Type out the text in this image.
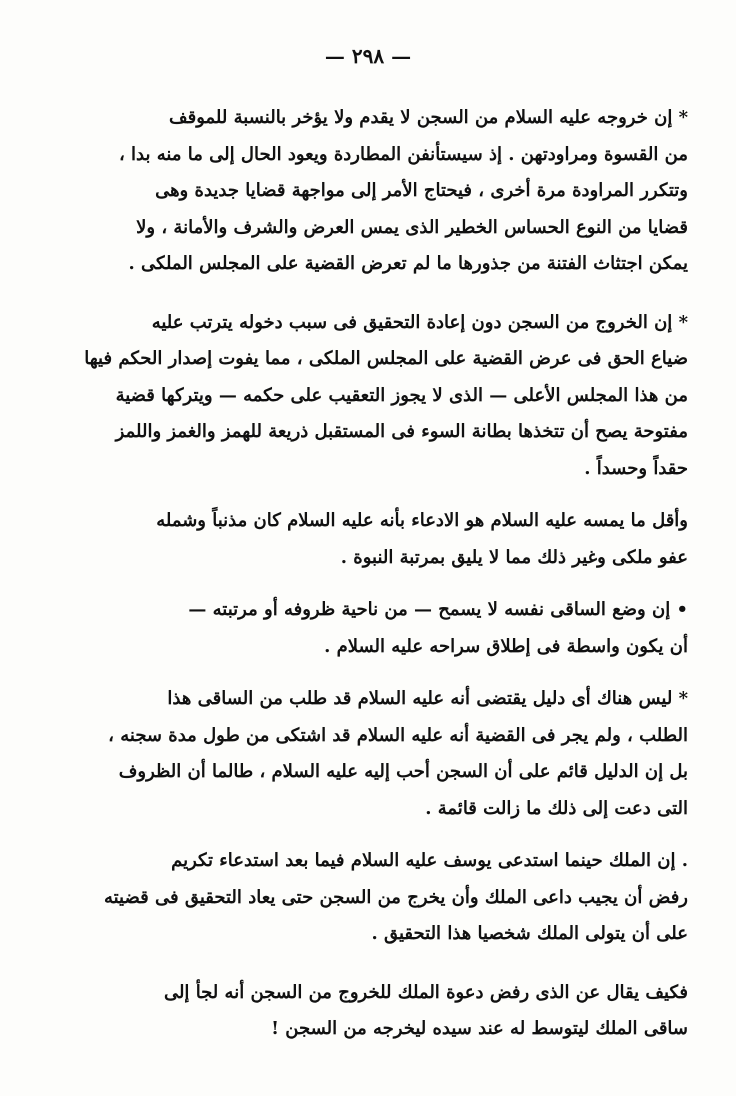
— ٢٩٨ —

* إن خروجه عليه السلام من السجن لا يقدم ولا يؤخر بالنسبة للموقف
من القسوة ومراودتهن . إذ سيستأنفن المطاردة ويعود الحال إلى ما منه بدا ،
وتتكرر المراودة مرة أخرى ، فيحتاج الأمر إلى مواجهة قضايا جديدة وهى
قضايا من النوع الحساس الخطير الذى يمس العرض والشرف والأمانة ، ولا
يمكن اجتثاث الفتنة من جذورها ما لم تعرض القضية على المجلس الملكى .

* إن الخروج من السجن دون إعادة التحقيق فى سبب دخوله يترتب عليه
ضياع الحق فى عرض القضية على المجلس الملكى ، مما يفوت إصدار الحكم فيها
من هذا المجلس الأعلى — الذى لا يجوز التعقيب على حكمه — ويتركها قضية
مفتوحة يصح أن تتخذها بطانة السوء فى المستقبل ذريعة للهمز والغمز واللمز
حقداً وحسداً .

وأقل ما يمسه عليه السلام هو الادعاء بأنه عليه السلام كان مذنباً وشمله
عفو ملكى وغير ذلك مما لا يليق بمرتبة النبوة .

• إن وضع الساقى نفسه لا يسمح — من ناحية ظروفه أو مرتبته —
أن يكون واسطة فى إطلاق سراحه عليه السلام .

* ليس هناك أى دليل يقتضى أنه عليه السلام قد طلب من الساقى هذا
الطلب ، ولم يجر فى القضية أنه عليه السلام قد اشتكى من طول مدة سجنه ،
بل إن الدليل قائم على أن السجن أحب إليه عليه السلام ، طالما أن الظروف
التى دعت إلى ذلك ما زالت قائمة .

. إن الملك حينما استدعى يوسف عليه السلام فيما بعد استدعاء تكريم
رفض أن يجيب داعى الملك وأن يخرج من السجن حتى يعاد التحقيق فى قضيته
على أن يتولى الملك شخصيا هذا التحقيق .

فكيف يقال عن الذى رفض دعوة الملك للخروج من السجن أنه لجأ إلى
ساقى الملك ليتوسط له عند سيده ليخرجه من السجن !
